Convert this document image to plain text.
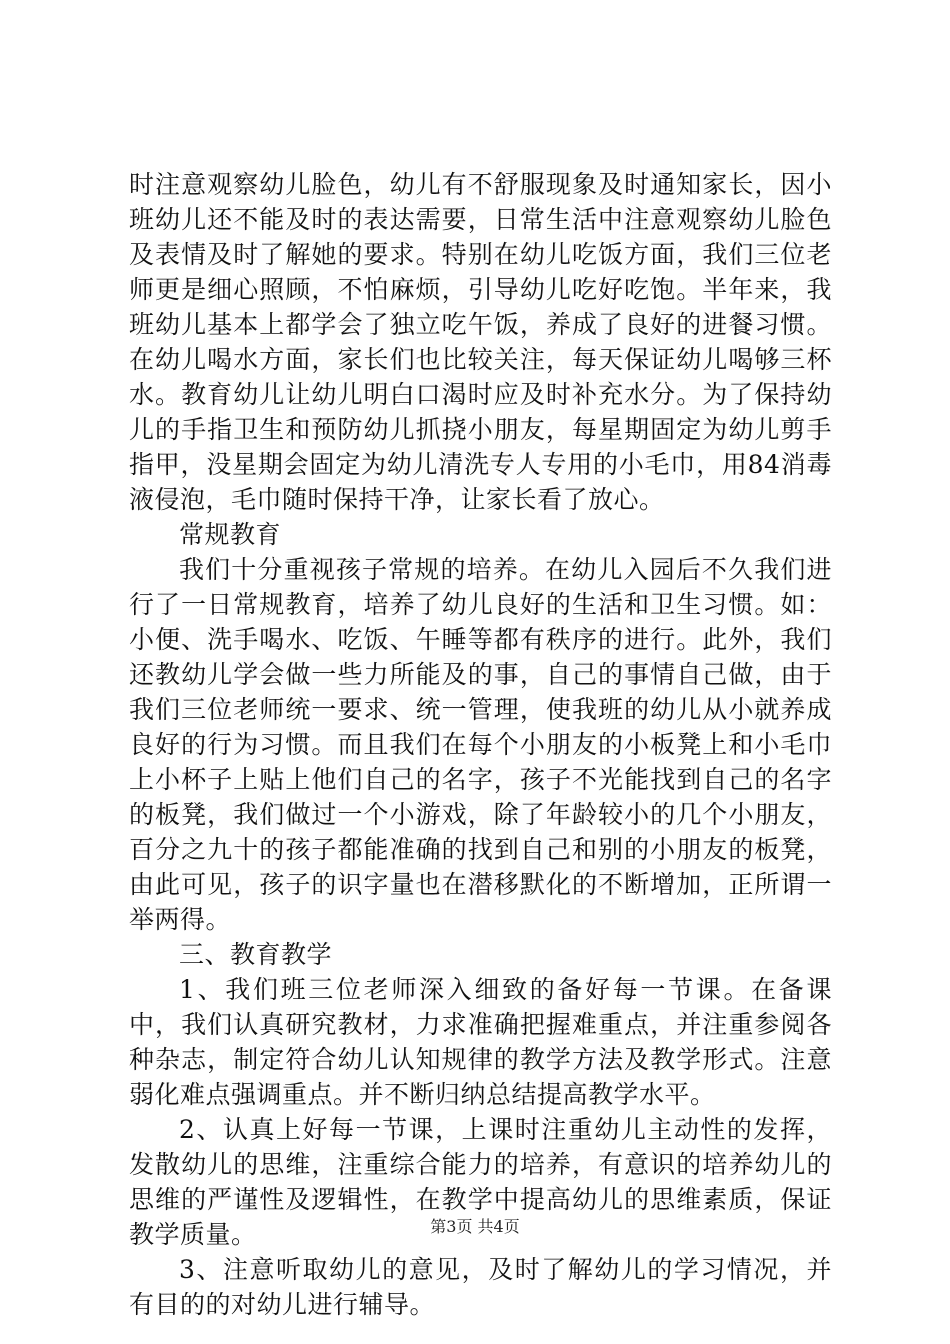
时注意观察幼儿脸色，幼儿有不舒服现象及时通知家长，因小班幼儿还不能及时的表达需要，日常生活中注意观察幼儿脸色及表情及时了解她的要求。特别在幼儿吃饭方面，我们三位老师更是细心照顾，不怕麻烦，引导幼儿吃好吃饱。半年来，我班幼儿基本上都学会了独立吃午饭，养成了良好的进餐习惯。在幼儿喝水方面，家长们也比较关注，每天保证幼儿喝够三杯水。教育幼儿让幼儿明白口渴时应及时补充水分。为了保持幼儿的手指卫生和预防幼儿抓挠小朋友，每星期固定为幼儿剪手指甲，没星期会固定为幼儿清洗专人专用的小毛巾，用84消毒液侵泡，毛巾随时保持干净，让家长看了放心。

常规教育

我们十分重视孩子常规的培养。在幼儿入园后不久我们进行了一日常规教育，培养了幼儿良好的生活和卫生习惯。如：小便、洗手喝水、吃饭、午睡等都有秩序的进行。此外，我们还教幼儿学会做一些力所能及的事，自己的事情自己做，由于我们三位老师统一要求、统一管理，使我班的幼儿从小就养成良好的行为习惯。而且我们在每个小朋友的小板凳上和小毛巾上小杯子上贴上他们自己的名字，孩子不光能找到自己的名字的板凳，我们做过一个小游戏，除了年龄较小的几个小朋友，百分之九十的孩子都能准确的找到自己和别的小朋友的板凳，由此可见，孩子的识字量也在潜移默化的不断增加，正所谓一举两得。

三、教育教学

1、我们班三位老师深入细致的备好每一节课。在备课中，我们认真研究教材，力求准确把握难重点，并注重参阅各种杂志，制定符合幼儿认知规律的教学方法及教学形式。注意弱化难点强调重点。并不断归纳总结提高教学水平。

2、认真上好每一节课，上课时注重幼儿主动性的发挥，发散幼儿的思维，注重综合能力的培养，有意识的培养幼儿的思维的严谨性及逻辑性，在教学中提高幼儿的思维素质，保证教学质量。

3、注意听取幼儿的意见，及时了解幼儿的学习情况，并有目的的对幼儿进行辅导。

第3页 共4页
